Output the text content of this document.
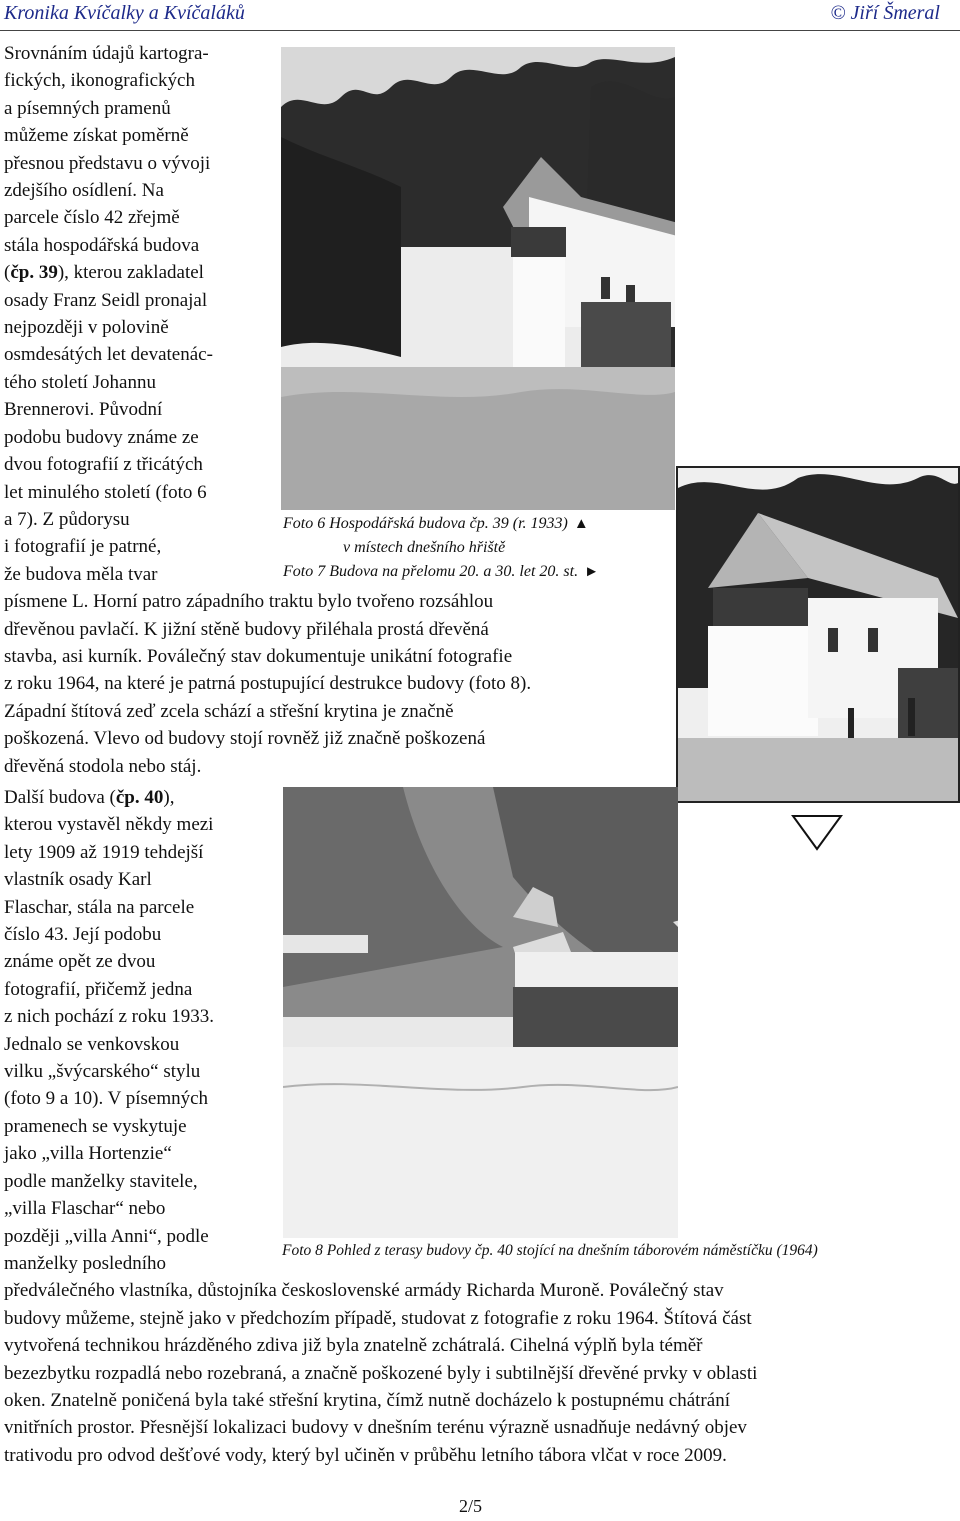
Kronika Kvíčalky a Kvíčaláků	© Jiří Šmeral
Srovnáním údajů kartogra-
fických, ikonografických
a písemných pramenů
můžeme získat poměrně
přesnou představu o vývoji
zdejšího osídlení. Na
parcele číslo 42 zřejmě
stála hospodářská budova
(čp. 39), kterou zakladatel
osady Franz Seidl pronajal
nejpozději v polovině
osmdesátých let devatenác-
tého století Johannu
Brennerovi. Původní
podobu budovy známe ze
dvou fotografií z třicátých
let minulého století (foto 6
a 7). Z půdorysu
i fotografií je patrné,
že budova měla tvar
písmene L. Horní patro západního traktu bylo tvořeno rozsáhlou
dřevěnou pavlačí. K jižní stěně budovy přiléhala prostá dřevěná
stavba, asi kurník. Poválečný stav dokumentuje unikátní fotografie
z roku 1964, na které je patrná postupující destrukce budovy (foto 8).
Západní štítová zeď zcela schází a střešní krytina je značně
poškozená. Vlevo od budovy stojí rovněž již značně poškozená
dřevěná stodola nebo stáj.
Další budova (čp. 40),
kterou vystavěl někdy mezi
lety 1909 až 1919 tehdejší
vlastník osady Karl
Flaschar, stála na parcele
číslo 43. Její podobu
známe opět ze dvou
fotografií, přičemž jedna
z nich pochází z roku 1933.
Jednalo se venkovskou
vilku „švýcarského“ stylu
(foto 9 a 10). V písemných
pramenech se vyskytuje
jako „villa Hortenzie“
podle manželky stavitele,
„villa Flaschar“ nebo
později „villa Anni“, podle
manželky posledního
předválečného vlastníka, důstojníka československé armády Richarda Muroně. Poválečný stav
budovy můžeme, stejně jako v předchozím případě, studovat z fotografie z roku 1964. Štítová část
vytvořená technikou hrázděného zdiva již byla znatelně zchátralá. Cihelná výplň byla téměř
bezezbytku rozpadlá nebo rozebraná, a značně poškozené byly i subtilnější dřevěné prvky v oblasti
oken. Znatelně poničená byla také střešní krytina, čímž nutně docházelo k postupnému chátrání
vnitřních prostor. Přesnější lokalizaci budovy v dnešním terénu výrazně usnadňuje nedávný objev
trativodu pro odvod dešťové vody, který byl učiněn v průběhu letního tábora vlčat v roce 2009.
Foto 6 Hospodářská budova čp. 39 (r. 1933) ▲
v místech dnešního hřiště
Foto 7 Budova na přelomu 20. a 30. let 20. st. ►
Foto 8 Pohled z terasy budovy čp. 40 stojící na dnešním táborovém náměstíčku (1964)
2/5
